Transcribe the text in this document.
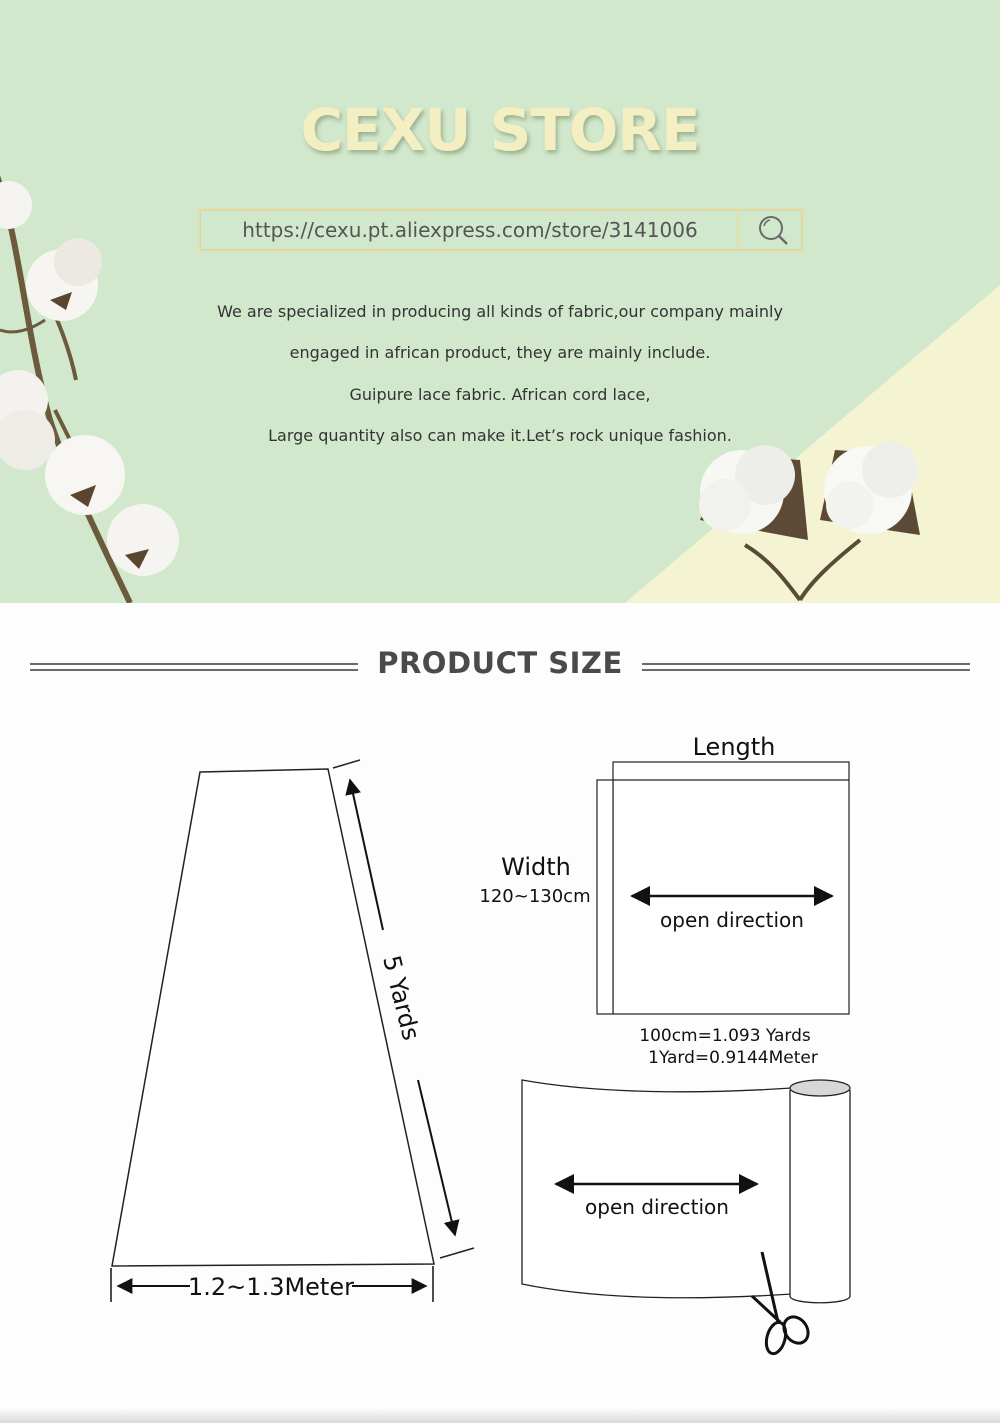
CEXU STORE
https://cexu.pt.aliexpress.com/store/3141006
We are specialized in producing all kinds of fabric,our company mainly
engaged in african product, they are mainly include.
Guipure lace fabric. African cord lace,
Large quantity also can make it.Let’s rock unique fashion.
PRODUCT SIZE
5 Yards
1.2~1.3Meter
Length
Width
120~130cm
open direction
100cm=1.093 Yards
1Yard=0.9144Meter
open direction
